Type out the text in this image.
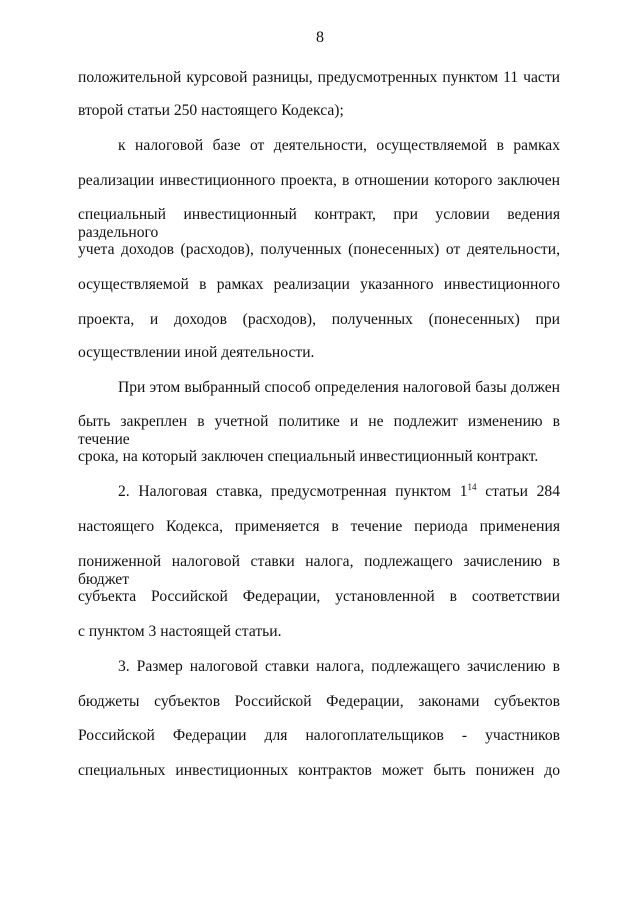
8
положительной курсовой разницы, предусмотренных пунктом 11 части
второй статьи 250 настоящего Кодекса);
к налоговой базе от деятельности, осуществляемой в рамках
реализации инвестиционного проекта, в отношении которого заключен
специальный инвестиционный контракт, при условии ведения раздельного
учета доходов (расходов), полученных (понесенных) от деятельности,
осуществляемой в рамках реализации указанного инвестиционного
проекта, и доходов (расходов), полученных (понесенных) при
осуществлении иной деятельности.
При этом выбранный способ определения налоговой базы должен
быть закреплен в учетной политике и не подлежит изменению в течение
срока, на который заключен специальный инвестиционный контракт.
2. Налоговая ставка, предусмотренная пунктом $1^{14}$ статьи 284
настоящего Кодекса, применяется в течение периода применения
пониженной налоговой ставки налога, подлежащего зачислению в бюджет
субъекта Российской Федерации, установленной в соответствии
с пунктом 3 настоящей статьи.
3. Размер налоговой ставки налога, подлежащего зачислению в
бюджеты субъектов Российской Федерации, законами субъектов
Российской Федерации для налогоплательщиков - участников
специальных инвестиционных контрактов может быть понижен до
